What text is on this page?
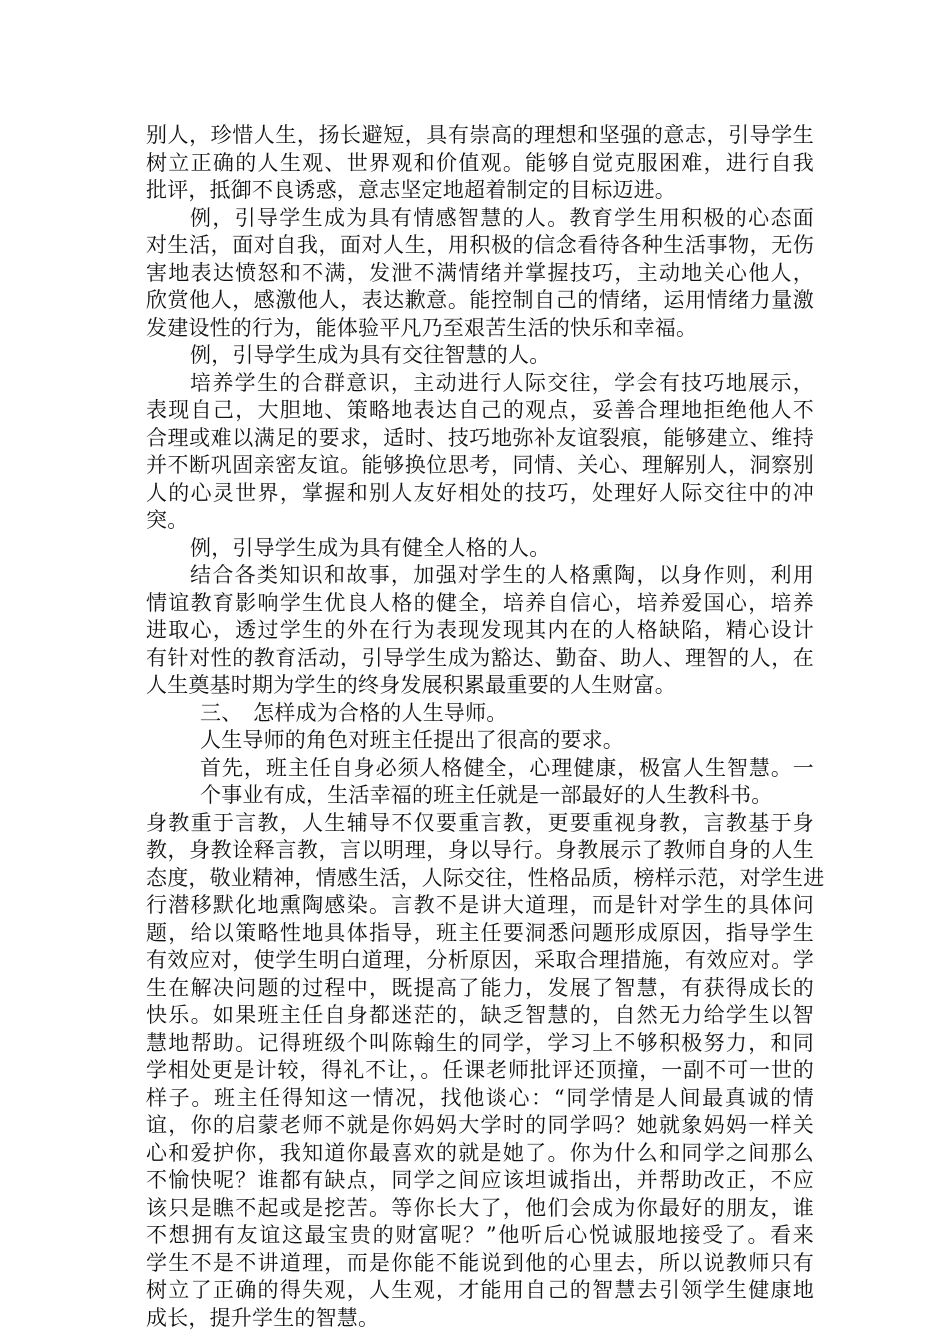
别人，珍惜人生，扬长避短，具有崇高的理想和坚强的意志，引导学生
树立正确的人生观、世界观和价值观。能够自觉克服困难，进行自我
批评，抵御不良诱惑，意志坚定地超着制定的目标迈进。
例，引导学生成为具有情感智慧的人。教育学生用积极的心态面
对生活，面对自我，面对人生，用积极的信念看待各种生活事物，无伤
害地表达愤怒和不满，发泄不满情绪并掌握技巧，主动地关心他人，
欣赏他人，感激他人，表达歉意。能控制自己的情绪，运用情绪力量激
发建设性的行为，能体验平凡乃至艰苦生活的快乐和幸福。
例，引导学生成为具有交往智慧的人。
培养学生的合群意识，主动进行人际交往，学会有技巧地展示，
表现自己，大胆地、策略地表达自己的观点，妥善合理地拒绝他人不
合理或难以满足的要求，适时、技巧地弥补友谊裂痕，能够建立、维持
并不断巩固亲密友谊。能够换位思考，同情、关心、理解别人，洞察别
人的心灵世界，掌握和别人友好相处的技巧，处理好人际交往中的冲
突。
例，引导学生成为具有健全人格的人。
结合各类知识和故事，加强对学生的人格熏陶，以身作则，利用
情谊教育影响学生优良人格的健全，培养自信心，培养爱国心，培养
进取心，透过学生的外在行为表现发现其内在的人格缺陷，精心设计
有针对性的教育活动，引导学生成为豁达、勤奋、助人、理智的人，在
人生奠基时期为学生的终身发展积累最重要的人生财富。
三、　怎样成为合格的人生导师。
人生导师的角色对班主任提出了很高的要求。
首先，班主任自身必须人格健全，心理健康，极富人生智慧。一
个事业有成，生活幸福的班主任就是一部最好的人生教科书。
身教重于言教，人生辅导不仅要重言教，更要重视身教，言教基于身
教，身教诠释言教，言以明理，身以导行。身教展示了教师自身的人生
态度，敬业精神，情感生活，人际交往，性格品质，榜样示范，对学生进
行潜移默化地熏陶感染。言教不是讲大道理，而是针对学生的具体问
题，给以策略性地具体指导，班主任要洞悉问题形成原因，指导学生
有效应对，使学生明白道理，分析原因，采取合理措施，有效应对。学
生在解决问题的过程中，既提高了能力，发展了智慧，有获得成长的
快乐。如果班主任自身都迷茫的，缺乏智慧的，自然无力给学生以智
慧地帮助。记得班级个叫陈翰生的同学，学习上不够积极努力，和同
学相处更是计较，得礼不让，。任课老师批评还顶撞，一副不可一世的
样子。班主任得知这一情况，找他谈心：“同学情是人间最真诚的情
谊，你的启蒙老师不就是你妈妈大学时的同学吗？她就象妈妈一样关
心和爱护你，我知道你最喜欢的就是她了。你为什么和同学之间那么
不愉快呢？谁都有缺点，同学之间应该坦诚指出，并帮助改正，不应
该只是瞧不起或是挖苦。等你长大了，他们会成为你最好的朋友，谁
不想拥有友谊这最宝贵的财富呢？”他听后心悦诚服地接受了。看来
学生不是不讲道理，而是你能不能说到他的心里去，所以说教师只有
树立了正确的得失观，人生观，才能用自己的智慧去引领学生健康地
成长，提升学生的智慧。
